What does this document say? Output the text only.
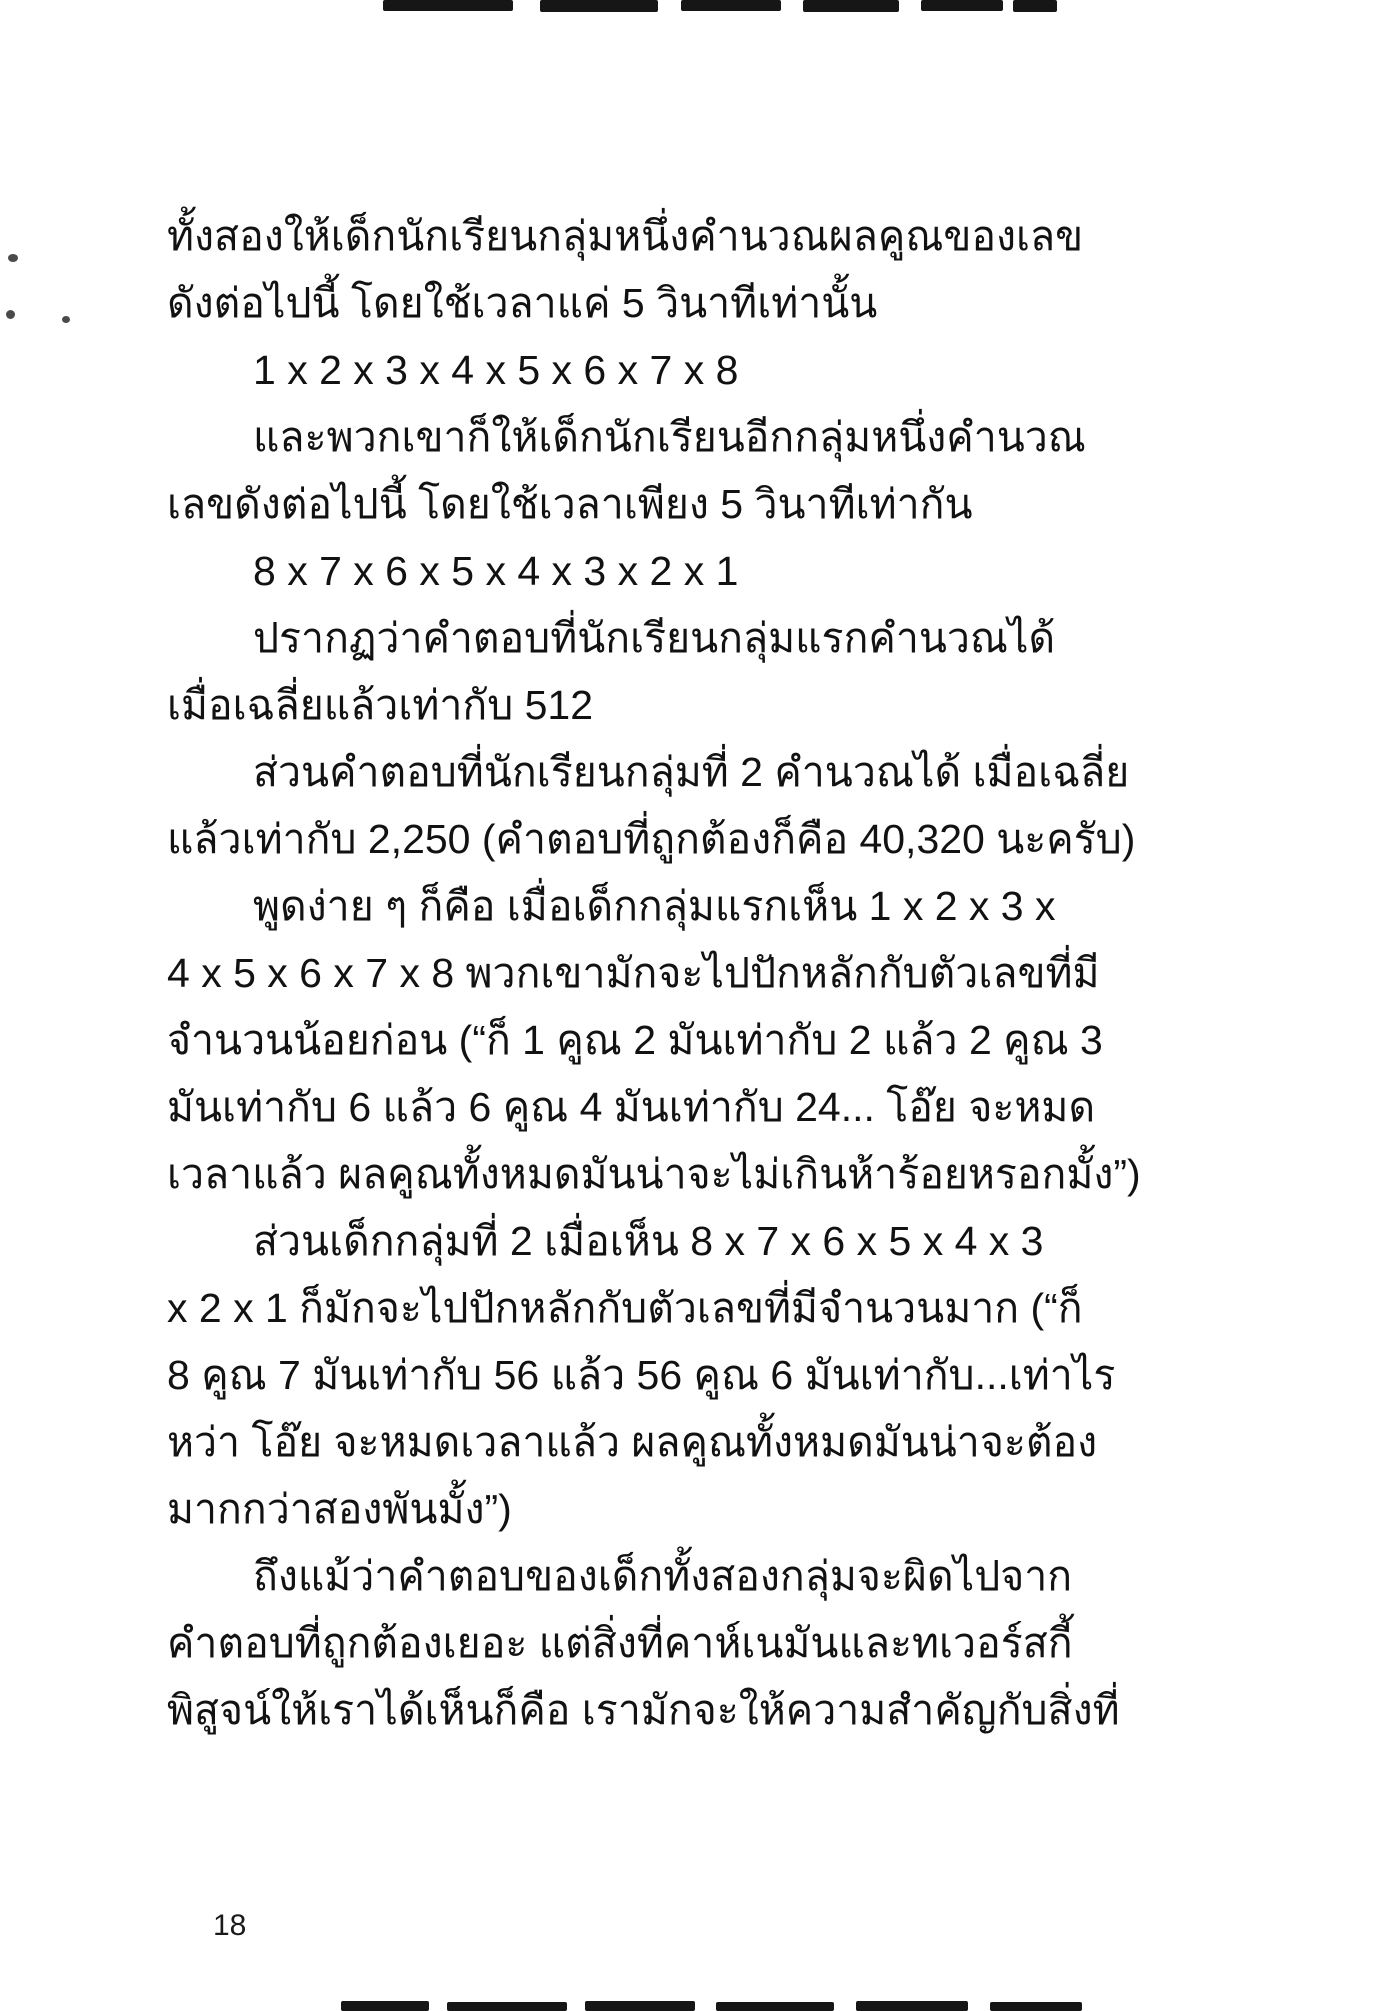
ทั้งสองให้เด็กนักเรียนกลุ่มหนึ่งคำนวณผลคูณของเลข
ดังต่อไปนี้ โดยใช้เวลาแค่ 5 วินาทีเท่านั้น
1 x 2 x 3 x 4 x 5 x 6 x 7 x 8
และพวกเขาก็ให้เด็กนักเรียนอีกกลุ่มหนึ่งคำนวณ
เลขดังต่อไปนี้ โดยใช้เวลาเพียง 5 วินาทีเท่ากัน
8 x 7 x 6 x 5 x 4 x 3 x 2 x 1
ปรากฏว่าคำตอบที่นักเรียนกลุ่มแรกคำนวณได้
เมื่อเฉลี่ยแล้วเท่ากับ 512
ส่วนคำตอบที่นักเรียนกลุ่มที่ 2 คำนวณได้ เมื่อเฉลี่ย
แล้วเท่ากับ 2,250 (คำตอบที่ถูกต้องก็คือ 40,320 นะครับ)
พูดง่าย ๆ ก็คือ เมื่อเด็กกลุ่มแรกเห็น 1 x 2 x 3 x
4 x 5 x 6 x 7 x 8 พวกเขามักจะไปปักหลักกับตัวเลขที่มี
จำนวนน้อยก่อน (“ก็ 1 คูณ 2 มันเท่ากับ 2 แล้ว 2 คูณ 3
มันเท่ากับ 6 แล้ว 6 คูณ 4 มันเท่ากับ 24... โอ๊ย จะหมด
เวลาแล้ว ผลคูณทั้งหมดมันน่าจะไม่เกินห้าร้อยหรอกมั้ง”)
ส่วนเด็กกลุ่มที่ 2 เมื่อเห็น 8 x 7 x 6 x 5 x 4 x 3
x 2 x 1 ก็มักจะไปปักหลักกับตัวเลขที่มีจำนวนมาก (“ก็
8 คูณ 7 มันเท่ากับ 56 แล้ว 56 คูณ 6 มันเท่ากับ...เท่าไร
หว่า โอ๊ย จะหมดเวลาแล้ว ผลคูณทั้งหมดมันน่าจะต้อง
มากกว่าสองพันมั้ง”)
ถึงแม้ว่าคำตอบของเด็กทั้งสองกลุ่มจะผิดไปจาก
คำตอบที่ถูกต้องเยอะ แต่สิ่งที่คาห์เนมันและทเวอร์สกี้
พิสูจน์ให้เราได้เห็นก็คือ เรามักจะให้ความสำคัญกับสิ่งที่
18
